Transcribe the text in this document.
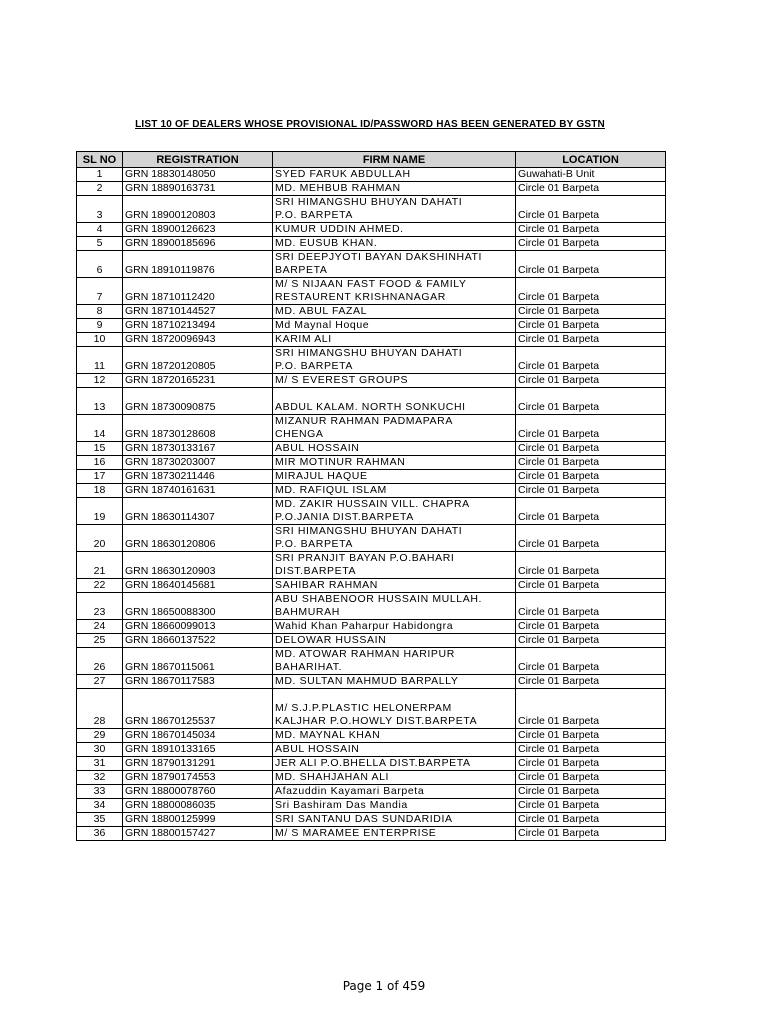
LIST 10 OF DEALERS WHOSE PROVISIONAL ID/PASSWORD HAS BEEN GENERATED BY GSTN
SL NO	REGISTRATION	FIRM NAME	LOCATION
1	GRN 18830148050	SYED FARUK ABDULLAH	Guwahati-B Unit
2	GRN 18890163731	MD. MEHBUB RAHMAN	Circle 01 Barpeta
3	GRN 18900120803	SRI HIMANGSHU BHUYAN DAHATI
P.O. BARPETA	Circle 01 Barpeta
4	GRN 18900126623	KUMUR UDDIN AHMED.	Circle 01 Barpeta
5	GRN 18900185696	MD. EUSUB KHAN.	Circle 01 Barpeta
6	GRN 18910119876	SRI DEEPJYOTI BAYAN DAKSHINHATI
BARPETA	Circle 01 Barpeta
7	GRN 18710112420	M/ S NIJAAN FAST FOOD & FAMILY
RESTAURENT KRISHNANAGAR	Circle 01 Barpeta
8	GRN 18710144527	MD. ABUL FAZAL	Circle 01 Barpeta
9	GRN 18710213494	Md Maynal Hoque	Circle 01 Barpeta
10	GRN 18720096943	KARIM ALI	Circle 01 Barpeta
11	GRN 18720120805	SRI HIMANGSHU BHUYAN DAHATI
P.O. BARPETA	Circle 01 Barpeta
12	GRN 18720165231	M/ S EVEREST GROUPS	Circle 01 Barpeta
13	GRN 18730090875	
ABDUL KALAM. NORTH SONKUCHI	Circle 01 Barpeta
14	GRN 18730128608	MIZANUR RAHMAN PADMAPARA
CHENGA	Circle 01 Barpeta
15	GRN 18730133167	ABUL HOSSAIN	Circle 01 Barpeta
16	GRN 18730203007	MIR MOTINUR RAHMAN	Circle 01 Barpeta
17	GRN 18730211446	MIRAJUL HAQUE	Circle 01 Barpeta
18	GRN 18740161631	MD. RAFIQUL ISLAM	Circle 01 Barpeta
19	GRN 18630114307	MD. ZAKIR HUSSAIN VILL. CHAPRA
P.O.JANIA DIST.BARPETA	Circle 01 Barpeta
20	GRN 18630120806	SRI HIMANGSHU BHUYAN DAHATI
P.O. BARPETA	Circle 01 Barpeta
21	GRN 18630120903	SRI PRANJIT BAYAN P.O.BAHARI
DIST.BARPETA	Circle 01 Barpeta
22	GRN 18640145681	SAHIBAR RAHMAN	Circle 01 Barpeta
23	GRN 18650088300	ABU SHABENOOR HUSSAIN MULLAH.
BAHMURAH	Circle 01 Barpeta
24	GRN 18660099013	Wahid Khan Paharpur Habidongra	Circle 01 Barpeta
25	GRN 18660137522	DELOWAR HUSSAIN	Circle 01 Barpeta
26	GRN 18670115061	MD. ATOWAR RAHMAN HARIPUR
BAHARIHAT.	Circle 01 Barpeta
27	GRN 18670117583	MD. SULTAN MAHMUD BARPALLY	Circle 01 Barpeta
28	GRN 18670125537	
M/ S.J.P.PLASTIC HELONERPAM
KALJHAR P.O.HOWLY DIST.BARPETA	Circle 01 Barpeta
29	GRN 18670145034	MD. MAYNAL KHAN	Circle 01 Barpeta
30	GRN 18910133165	ABUL HOSSAIN	Circle 01 Barpeta
31	GRN 18790131291	JER ALI P.O.BHELLA DIST.BARPETA	Circle 01 Barpeta
32	GRN 18790174553	MD. SHAHJAHAN ALI	Circle 01 Barpeta
33	GRN 18800078760	Afazuddin Kayamari Barpeta	Circle 01 Barpeta
34	GRN 18800086035	Sri Bashiram Das Mandia	Circle 01 Barpeta
35	GRN 18800125999	SRI SANTANU DAS SUNDARIDIA	Circle 01 Barpeta
36	GRN 18800157427	M/ S MARAMEE ENTERPRISE	Circle 01 Barpeta
Page 1 of 459
